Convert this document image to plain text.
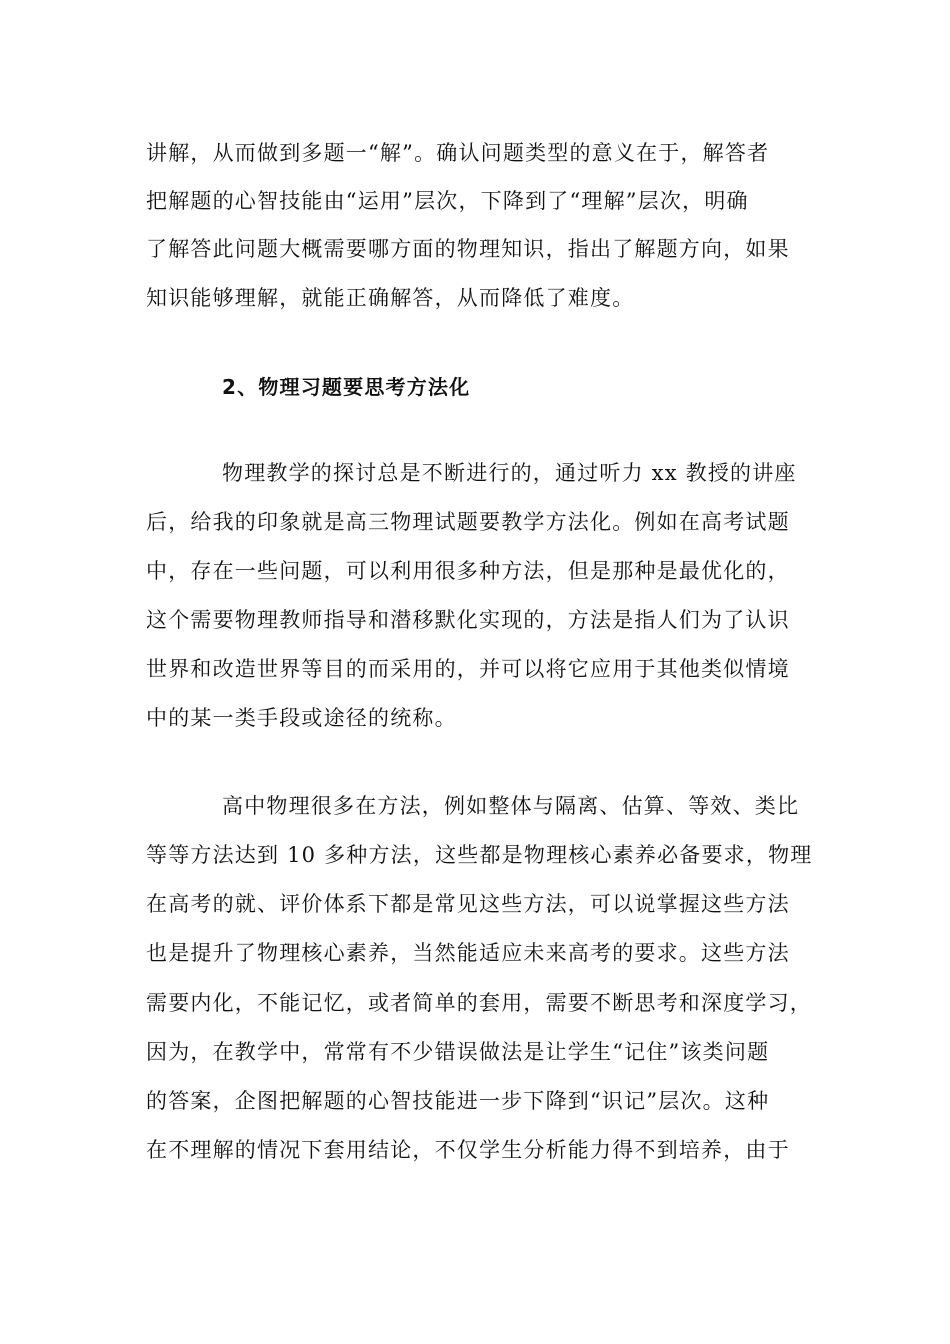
讲解，从而做到多题一“解”。确认问题类型的意义在于，解答者
把解题的心智技能由“运用”层次，下降到了“理解”层次，明确
了解答此问题大概需要哪方面的物理知识，指出了解题方向，如果
知识能够理解，就能正确解答，从而降低了难度。
2、物理习题要思考方法化
物理教学的探讨总是不断进行的，通过听力 xx 教授的讲座
后，给我的印象就是高三物理试题要教学方法化。例如在高考试题
中，存在一些问题，可以利用很多种方法，但是那种是最优化的，
这个需要物理教师指导和潜移默化实现的，方法是指人们为了认识
世界和改造世界等目的而采用的，并可以将它应用于其他类似情境
中的某一类手段或途径的统称。
高中物理很多在方法，例如整体与隔离、估算、等效、类比
等等方法达到 10 多种方法，这些都是物理核心素养必备要求，物理
在高考的就、评价体系下都是常见这些方法，可以说掌握这些方法
也是提升了物理核心素养，当然能适应未来高考的要求。这些方法
需要内化，不能记忆，或者简单的套用，需要不断思考和深度学习，
因为，在教学中，常常有不少错误做法是让学生“记住”该类问题
的答案，企图把解题的心智技能进一步下降到“识记”层次。这种
在不理解的情况下套用结论，不仅学生分析能力得不到培养，由于
